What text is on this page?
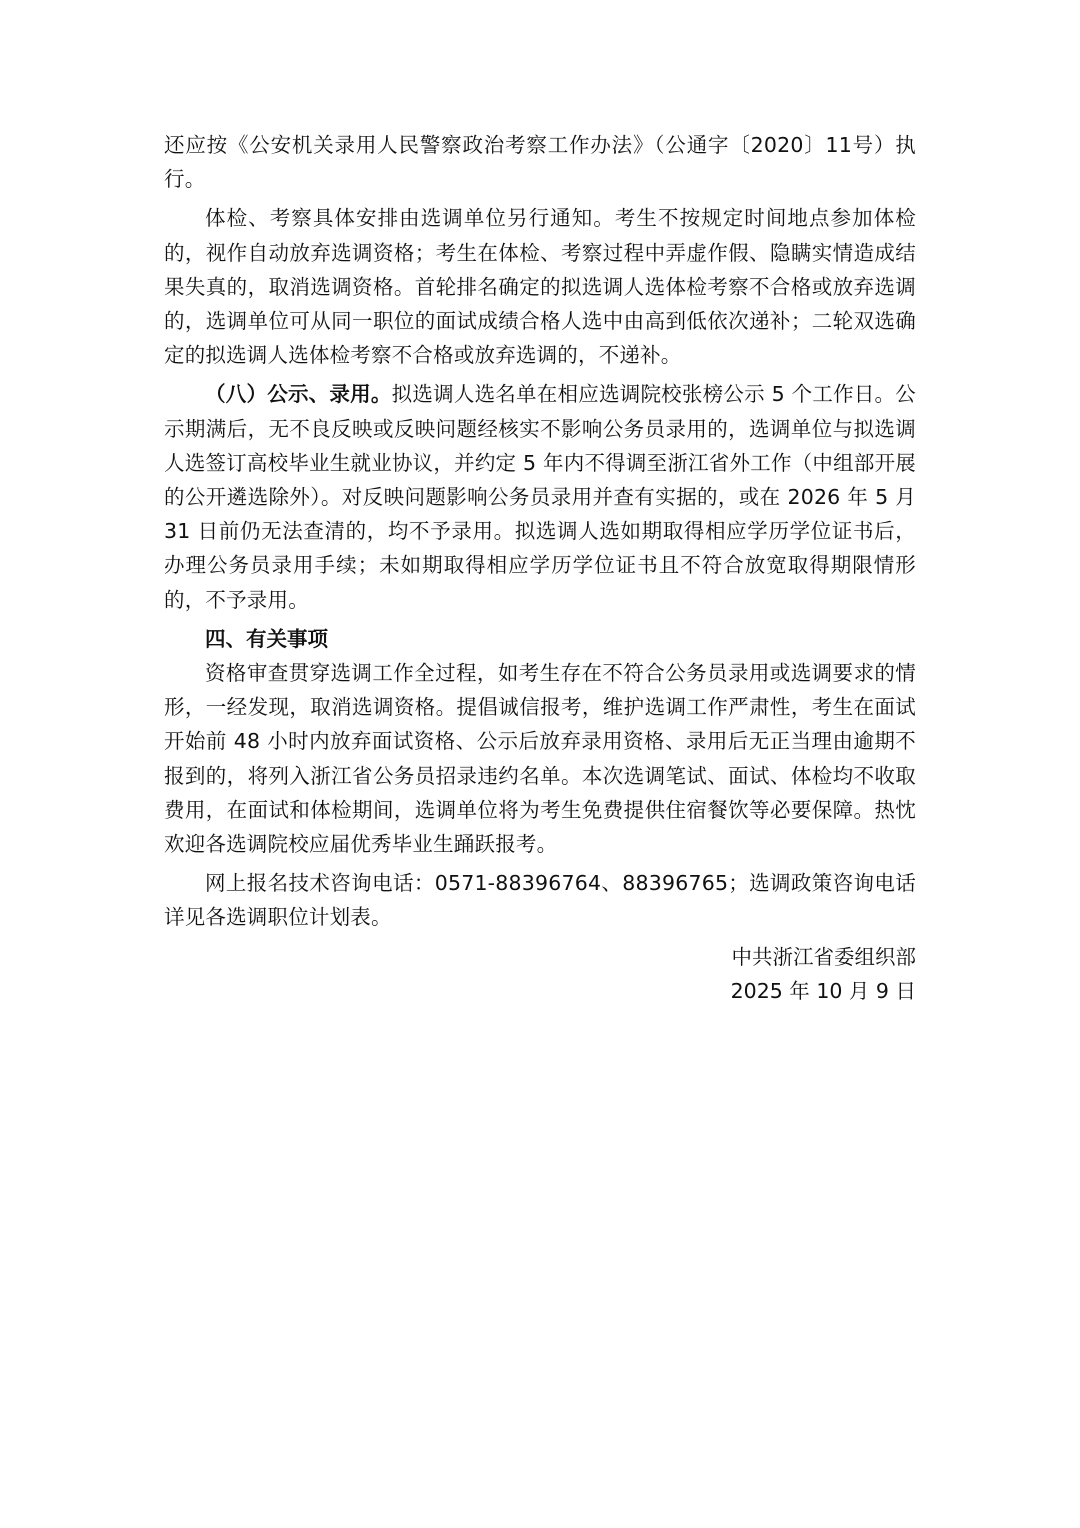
还应按《公安机关录用人民警察政治考察工作办法》（公通字〔2020〕11号）执行。

体检、考察具体安排由选调单位另行通知。考生不按规定时间地点参加体检的，视作自动放弃选调资格；考生在体检、考察过程中弄虚作假、隐瞒实情造成结果失真的，取消选调资格。首轮排名确定的拟选调人选体检考察不合格或放弃选调的，选调单位可从同一职位的面试成绩合格人选中由高到低依次递补；二轮双选确定的拟选调人选体检考察不合格或放弃选调的，不递补。

（八）公示、录用。拟选调人选名单在相应选调院校张榜公示 5 个工作日。公示期满后，无不良反映或反映问题经核实不影响公务员录用的，选调单位与拟选调人选签订高校毕业生就业协议，并约定 5 年内不得调至浙江省外工作（中组部开展的公开遴选除外）。对反映问题影响公务员录用并查有实据的，或在 2026 年 5 月 31 日前仍无法查清的，均不予录用。拟选调人选如期取得相应学历学位证书后，办理公务员录用手续；未如期取得相应学历学位证书且不符合放宽取得期限情形的，不予录用。

四、有关事项

资格审查贯穿选调工作全过程，如考生存在不符合公务员录用或选调要求的情形，一经发现，取消选调资格。提倡诚信报考，维护选调工作严肃性，考生在面试开始前 48 小时内放弃面试资格、公示后放弃录用资格、录用后无正当理由逾期不报到的，将列入浙江省公务员招录违约名单。本次选调笔试、面试、体检均不收取费用，在面试和体检期间，选调单位将为考生免费提供住宿餐饮等必要保障。热忱欢迎各选调院校应届优秀毕业生踊跃报考。

网上报名技术咨询电话：0571-88396764、88396765；选调政策咨询电话详见各选调职位计划表。

中共浙江省委组织部

2025 年 10 月 9 日
